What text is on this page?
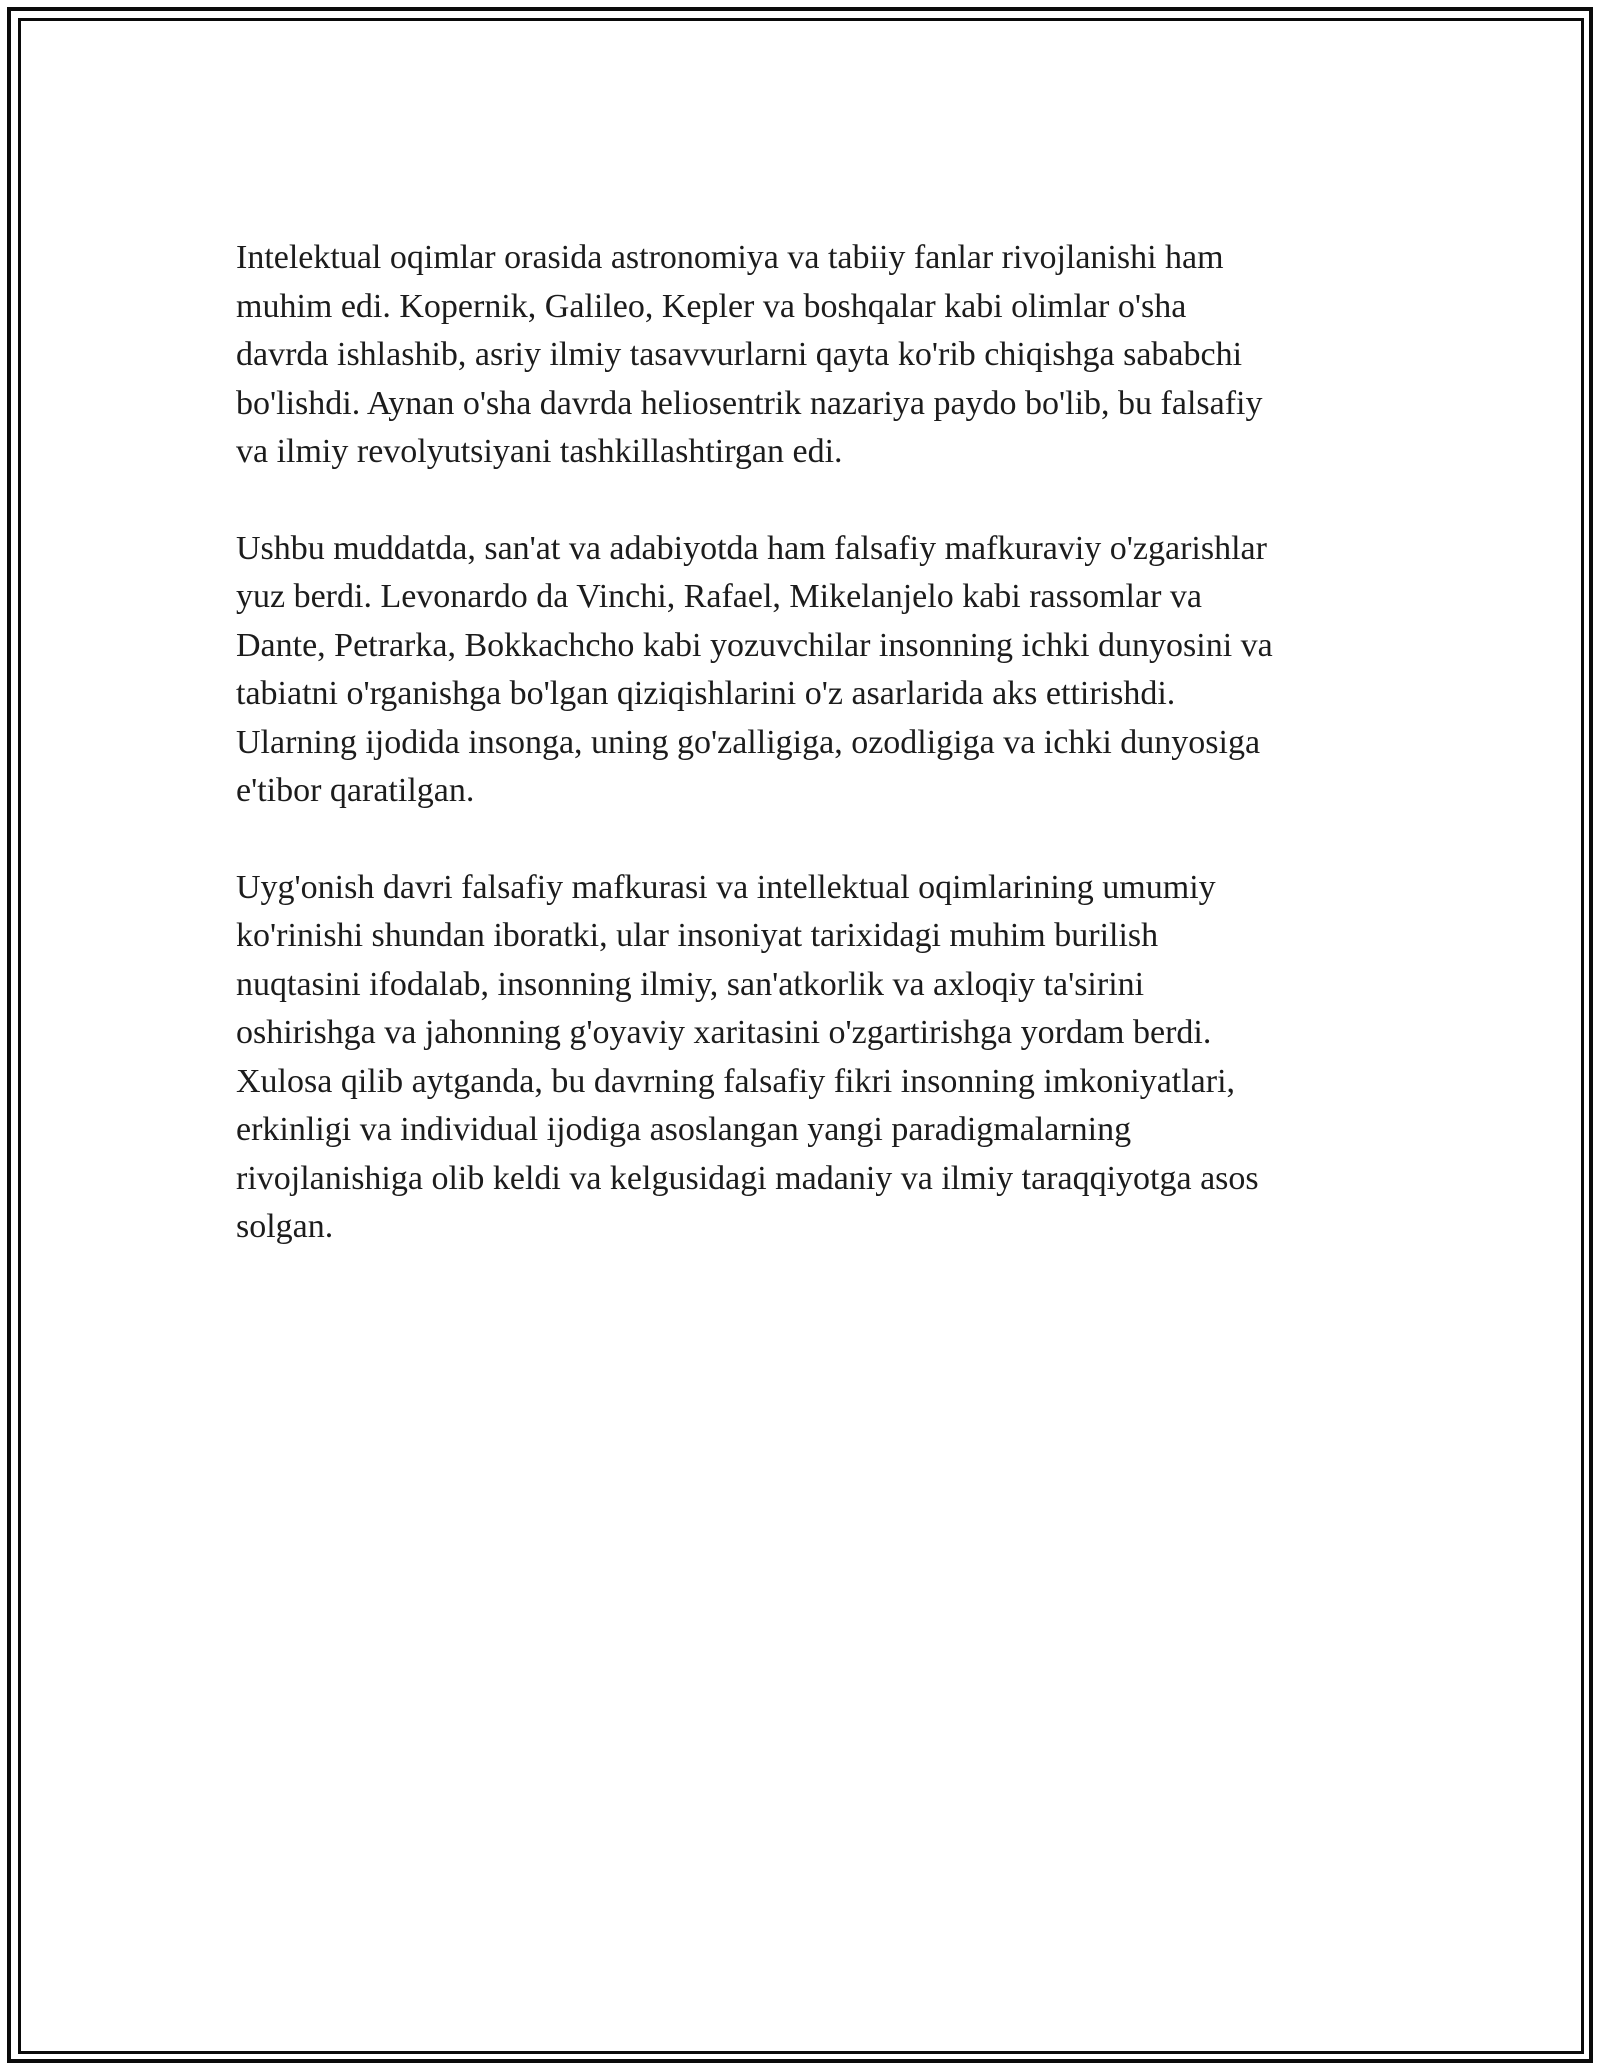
Intelektual oqimlar orasida astronomiya va tabiiy fanlar rivojlanishi ham
muhim edi. Kopernik, Galileo, Kepler va boshqalar kabi olimlar o'sha
davrda ishlashib, asriy ilmiy tasavvurlarni qayta ko'rib chiqishga sababchi
bo'lishdi. Aynan o'sha davrda heliosentrik nazariya paydo bo'lib, bu falsafiy
va ilmiy revolyutsiyani tashkillashtirgan edi.

Ushbu muddatda, san'at va adabiyotda ham falsafiy mafkuraviy o'zgarishlar
yuz berdi. Levonardo da Vinchi, Rafael, Mikelanjelo kabi rassomlar va
Dante, Petrarka, Bokkachcho kabi yozuvchilar insonning ichki dunyosini va
tabiatni o'rganishga bo'lgan qiziqishlarini o'z asarlarida aks ettirishdi.
Ularning ijodida insonga, uning go'zalligiga, ozodligiga va ichki dunyosiga
e'tibor qaratilgan.

Uyg'onish davri falsafiy mafkurasi va intellektual oqimlarining umumiy
ko'rinishi shundan iboratki, ular insoniyat tarixidagi muhim burilish
nuqtasini ifodalab, insonning ilmiy, san'atkorlik va axloqiy ta'sirini
oshirishga va jahonning g'oyaviy xaritasini o'zgartirishga yordam berdi.
Xulosa qilib aytganda, bu davrning falsafiy fikri insonning imkoniyatlari,
erkinligi va individual ijodiga asoslangan yangi paradigmalarning
rivojlanishiga olib keldi va kelgusidagi madaniy va ilmiy taraqqiyotga asos
solgan.
